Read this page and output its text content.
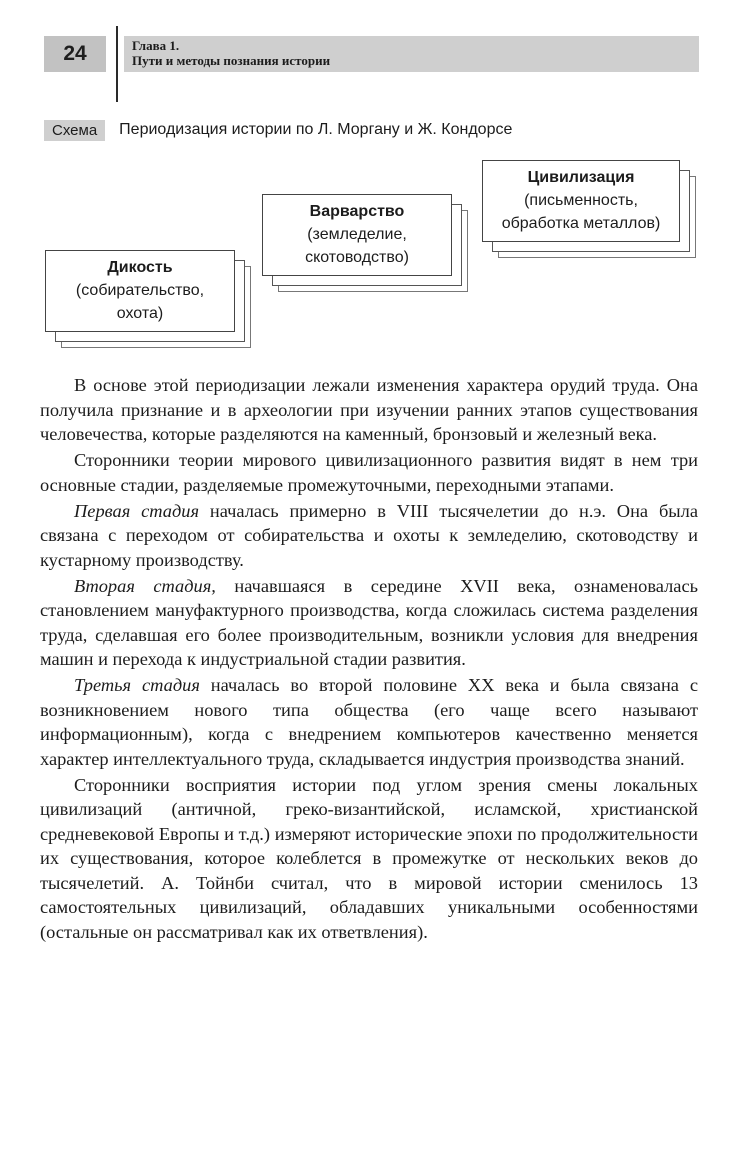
24	Глава 1.
Пути и методы познания истории
Схема	Периодизация истории по Л. Моргану и Ж. Кондорсе
Дикость
(собирательство,
охота)
Варварство
(земледелие,
скотоводство)
Цивилизация
(письменность,
обработка металлов)

В основе этой периодизации лежали изменения характера орудий труда. Она получила признание и в археологии при изучении ранних этапов существования человечества, которые разделяются на каменный, бронзовый и железный века.

Сторонники теории мирового цивилизационного развития видят в нем три основные стадии, разделяемые промежуточными, переходными этапами.

Первая стадия началась примерно в VIII тысячелетии до н.э. Она была связана с переходом от собирательства и охоты к земледелию, скотоводству и кустарному производству.

Вторая стадия, начавшаяся в середине XVII века, ознаменовалась становлением мануфактурного производства, когда сложилась система разделения труда, сделавшая его более производительным, возникли условия для внедрения машин и перехода к индустриальной стадии развития.

Третья стадия началась во второй половине XX века и была связана с возникновением нового типа общества (его чаще всего называют информационным), когда с внедрением компьютеров качественно меняется характер интеллектуального труда, складывается индустрия производства знаний.

Сторонники восприятия истории под углом зрения смены локальных цивилизаций (античной, греко-византийской, исламской, христианской средневековой Европы и т.д.) измеряют исторические эпохи по продолжительности их существования, которое колеблется в промежутке от нескольких веков до тысячелетий. А. Тойнби считал, что в мировой истории сменилось 13 самостоятельных цивилизаций, обладавших уникальными особенностями (остальные он рассматривал как их ответвления).
